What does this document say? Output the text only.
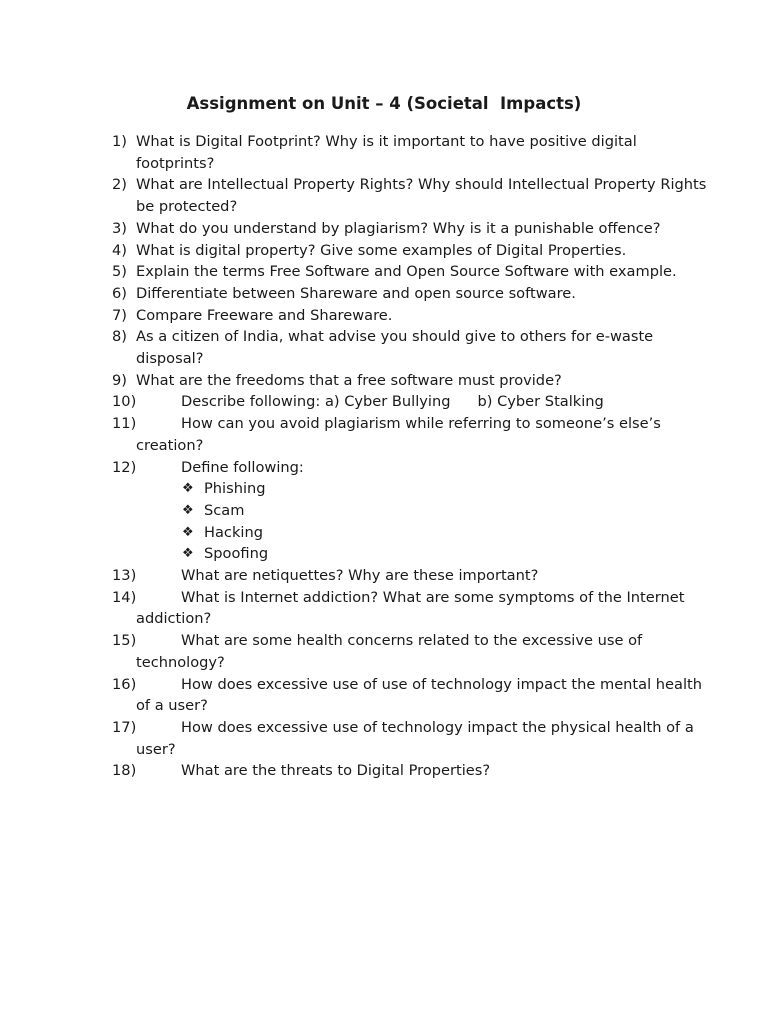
Assignment on Unit – 4 (Societal  Impacts)
1) What is Digital Footprint? Why is it important to have positive digital footprints?
2) What are Intellectual Property Rights? Why should Intellectual Property Rights be protected?
3) What do you understand by plagiarism? Why is it a punishable offence?
4) What is digital property? Give some examples of Digital Properties.
5) Explain the terms Free Software and Open Source Software with example.
6) Differentiate between Shareware and open source software.
7) Compare Freeware and Shareware.
8) As a citizen of India, what advise you should give to others for e-waste disposal?
9) What are the freedoms that a free software must provide?
10)	Describe following: a) Cyber Bullying b) Cyber Stalking
11)	How can you avoid plagiarism while referring to someone’s else’s creation?
12)	Define following:
❖ Phishing
❖ Scam
❖ Hacking
❖ Spoofing
13)	What are netiquettes? Why are these important?
14)	What is Internet addiction? What are some symptoms of the Internet addiction?
15)	What are some health concerns related to the excessive use of technology?
16)	How does excessive use of use of technology impact the mental health of a user?
17)	How does excessive use of technology impact the physical health of a user?
18)	What are the threats to Digital Properties?
